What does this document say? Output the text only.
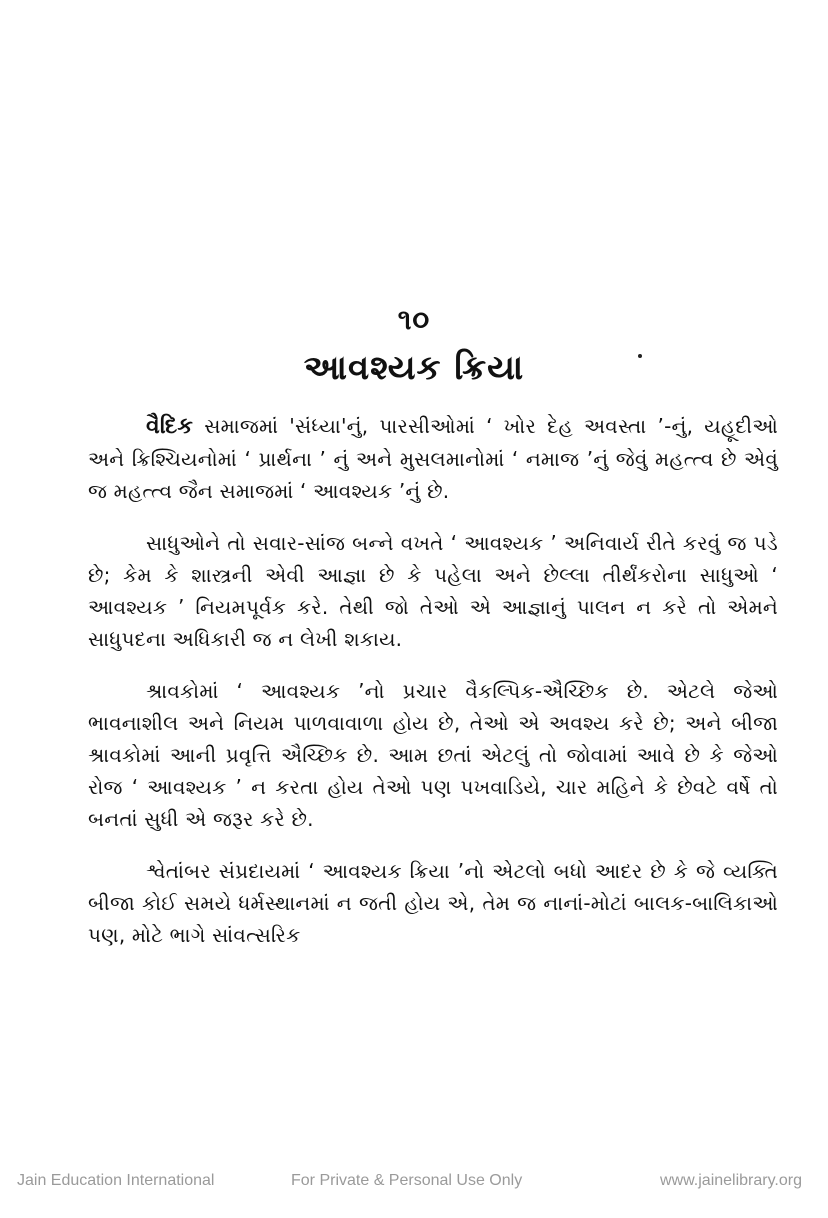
૧૦
આવશ્યક ક્રિયા

વૈદિક સમાજમાં 'સંધ્યા'નું, પારસીઓમાં ‘ ખોર દેહ અવસ્તા ’-નું, યહૂદીઓ અને ક્રિશ્ચિયનોમાં ‘ પ્રાર્થના ’ નું અને મુસલમાનોમાં ‘ નમાજ ’નું જેવું મહત્ત્વ છે એવું જ મહત્ત્વ જૈન સમાજમાં ‘ આવશ્યક ’નું છે.

સાધુઓને તો સવાર-સાંજ બન્ને વખતે ‘ આવશ્યક ’ અનિવાર્ય રીતે કરવું જ પડે છે; કેમ કે શાસ્ત્રની એવી આજ્ઞા છે કે પહેલા અને છેલ્લા તીર્થંકરોના સાધુઓ ‘ આવશ્યક ’ નિયમપૂર્વક કરે. તેથી જો તેઓ એ આજ્ઞાનું પાલન ન કરે તો એમને સાધુપદના અધિકારી જ ન લેખી શકાય.

શ્રાવકોમાં ‘ આવશ્યક ’નો પ્રચાર વૈકલ્પિક-ઐચ્છિક છે. એટલે જેઓ ભાવનાશીલ અને નિયમ પાળવાવાળા હોય છે, તેઓ એ અવશ્ય કરે છે; અને બીજા શ્રાવકોમાં આની પ્રવૃત્તિ ઐચ્છિક છે. આમ છતાં એટલું તો જોવામાં આવે છે કે જેઓ રોજ ‘ આવશ્યક ’ ન કરતા હોય તેઓ પણ પખવાડિયે, ચાર મહિને કે છેવટે વર્ષે તો બનતાં સુધી એ જરૂર કરે છે.

શ્વેતાંબર સંપ્રદાયમાં ‘ આવશ્યક ક્રિયા ’નો એટલો બધો આદર છે કે જે વ્યક્તિ બીજા કોઈ સમયે ધર્મસ્થાનમાં ન જતી હોય એ, તેમ જ નાનાં-મોટાં બાલક-બાલિકાઓ પણ, મોટે ભાગે સાંવત્સરિક

Jain Education International	For Private & Personal Use Only	www.jainelibrary.org
